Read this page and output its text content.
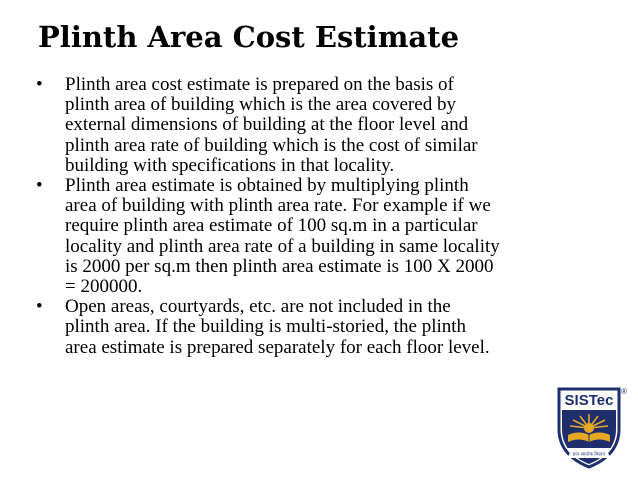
Plinth Area Cost Estimate
• Plinth area cost estimate is prepared on the basis of
plinth area of building which is the area covered by
external dimensions of building at the floor level and
plinth area rate of building which is the cost of similar
building with specifications in that locality.
• Plinth area estimate is obtained by multiplying plinth
area of building with plinth area rate. For example if we
require plinth area estimate of 100 sq.m in a particular
locality and plinth area rate of a building in same locality
is 2000 per sq.m then plinth area estimate is 100 X 2000
= 200000.
• Open areas, courtyards, etc. are not included in the
plinth area. If the building is multi-storied, the plinth
area estimate is prepared separately for each floor level.
SISTec
®
ज्ञान आलोक विस्तार
